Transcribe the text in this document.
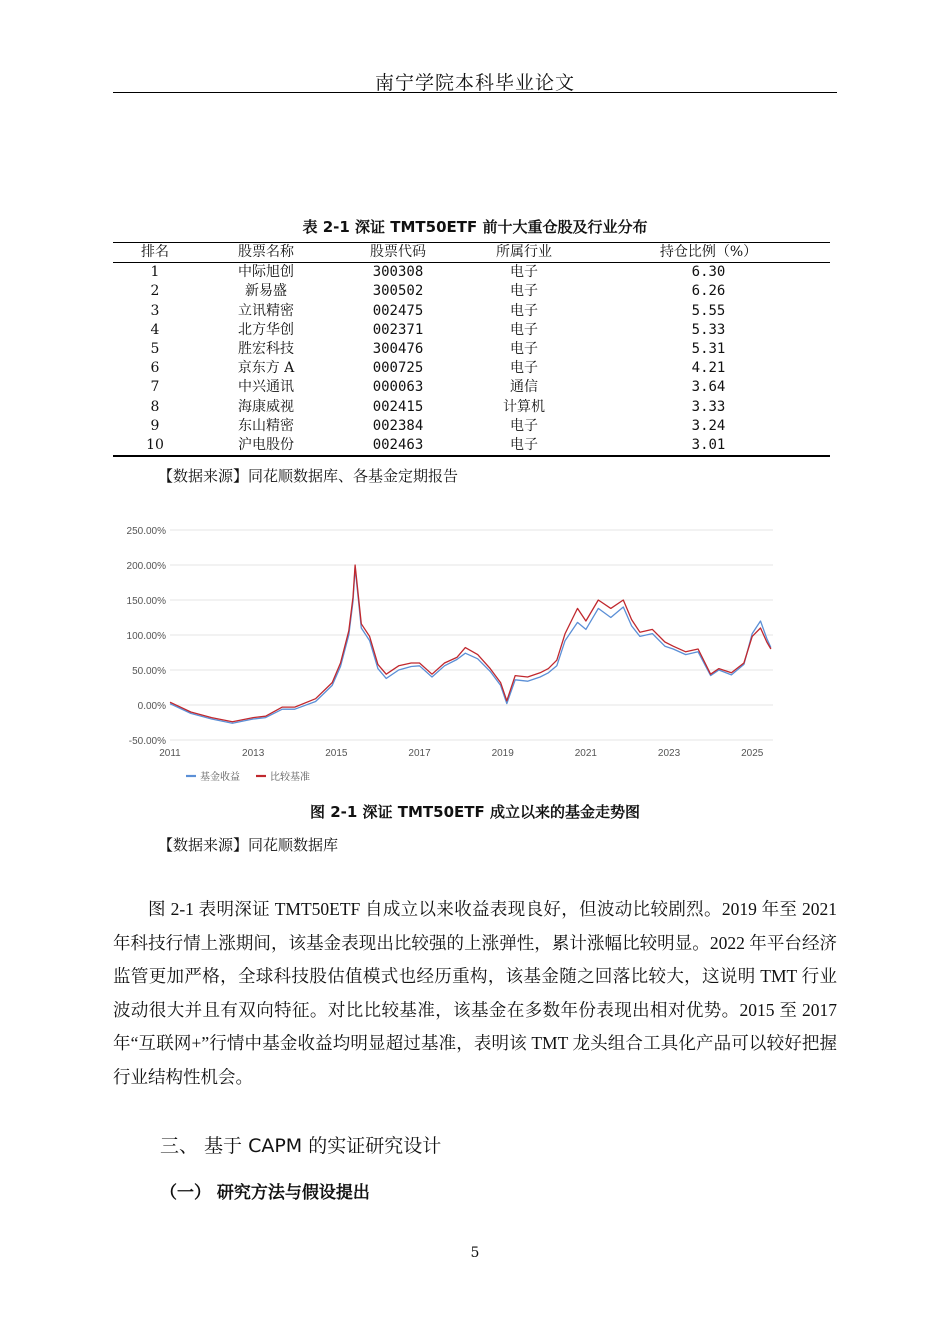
南宁学院本科毕业论文
表 2-1 深证 TMT50ETF 前十大重仓股及行业分布
排名	股票名称	股票代码	所属行业	持仓比例（%）
1	中际旭创	300308	电子	6.30
2	新易盛	300502	电子	6.26
3	立讯精密	002475	电子	5.55
4	北方华创	002371	电子	5.33
5	胜宏科技	300476	电子	5.31
6	京东方 A	000725	电子	4.21
7	中兴通讯	000063	通信	3.64
8	海康威视	002415	计算机	3.33
9	东山精密	002384	电子	3.24
10	沪电股份	002463	电子	3.01
【数据来源】同花顺数据库、各基金定期报告
-50.00%
0.00%
50.00%
100.00%
150.00%
200.00%
250.00%
2011	2013	2015	2017	2019	2021	2023	2025
基金收益	比较基准
图 2-1 深证 TMT50ETF 成立以来的基金走势图
【数据来源】同花顺数据库
图 2-1 表明深证 TMT50ETF 自成立以来收益表现良好，但波动比较剧烈。2019 年至 2021 年科技行情上涨期间，该基金表现出比较强的上涨弹性，累计涨幅比较明显。2022 年平台经济监管更加严格，全球科技股估值模式也经历重构，该基金随之回落比较大，这说明 TMT 行业波动很大并且有双向特征。对比比较基准，该基金在多数年份表现出相对优势。2015 至 2017 年“互联网+”行情中基金收益均明显超过基准，表明该 TMT 龙头组合工具化产品可以较好把握行业结构性机会。
三、 基于 CAPM 的实证研究设计
（一） 研究方法与假设提出
5
